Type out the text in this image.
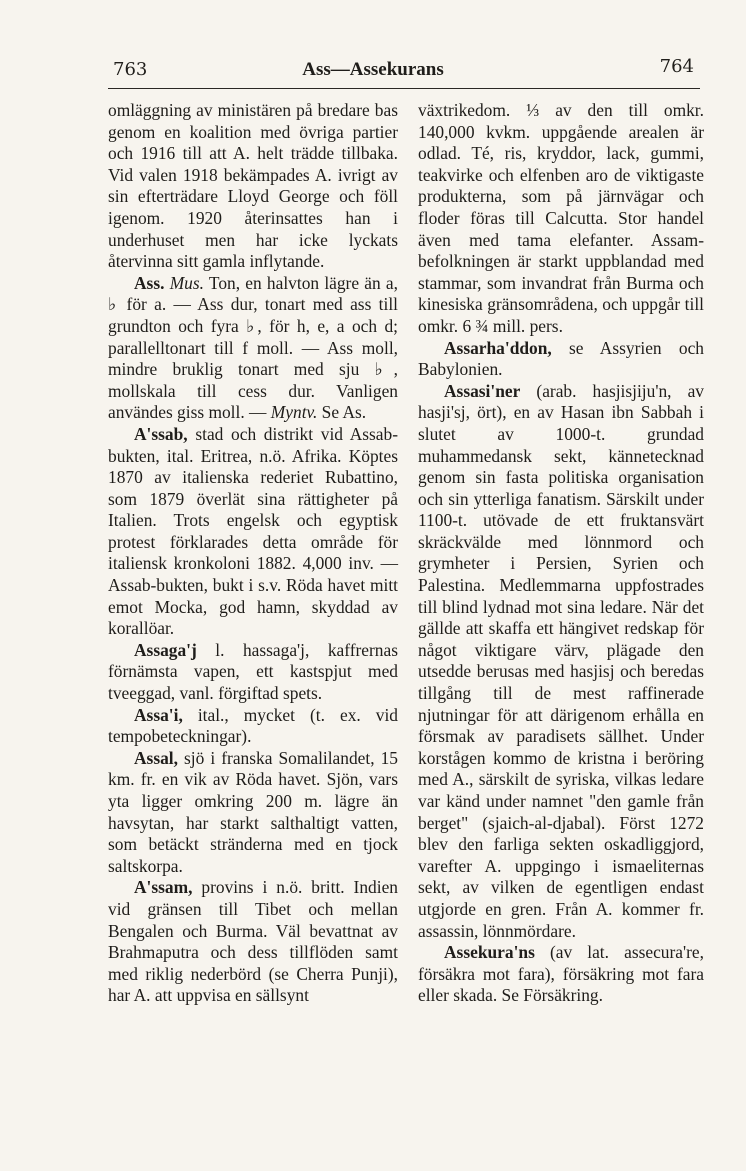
763	Ass—Assekurans	764

omläggning av ministären på bredare bas genom en koalition med övriga partier och 1916 till att A. helt trädde tillbaka. Vid valen 1918 bekämpades A. ivrigt av sin efterträdare Lloyd George och föll igenom. 1920 återinsattes han i underhuset men har icke lyckats återvinna sitt gamla inflytande.

Ass. Mus. Ton, en halvton lägre än a, ♭ för a. — Ass dur, tonart med ass till grundton och fyra ♭, för h, e, a och d; parallelltonart till f moll. — Ass moll, mindre bruklig tonart med sju ♭, mollskala till cess dur. Vanligen användes giss moll. — Myntv. Se As.

A'ssab, stad och distrikt vid Assab-bukten, ital. Eritrea, n.ö. Afrika. Köptes 1870 av italienska rederiet Rubattino, som 1879 överlät sina rättigheter på Italien. Trots engelsk och egyptisk protest förklarades detta område för italiensk kronkoloni 1882. 4,000 inv. — Assab-bukten, bukt i s.v. Röda havet mitt emot Mocka, god hamn, skyddad av korallöar.

Assaga'j l. hassaga'j, kaffrernas förnämsta vapen, ett kastspjut med tveeggad, vanl. förgiftad spets.

Assa'i, ital., mycket (t. ex. vid tempobeteckningar).

Assal, sjö i franska Somalilandet, 15 km. fr. en vik av Röda havet. Sjön, vars yta ligger omkring 200 m. lägre än havsytan, har starkt salthaltigt vatten, som betäckt stränderna med en tjock saltskorpa.

A'ssam, provins i n.ö. britt. Indien vid gränsen till Tibet och mellan Bengalen och Burma. Väl bevattnat av Brahmaputra och dess tillflöden samt med riklig nederbörd (se Cherra Punji), har A. att uppvisa en sällsynt

växtrikedom. ⅓ av den till omkr. 140,000 kvkm. uppgående arealen är odlad. Té, ris, kryddor, lack, gummi, teakvirke och elfenben aro de viktigaste produkterna, som på järnvägar och floder föras till Calcutta. Stor handel även med tama elefanter. Assam-befolkningen är starkt uppblandad med stammar, som invandrat från Burma och kinesiska gränsområdena, och uppgår till omkr. 6 ¾ mill. pers.

Assarha'ddon, se Assyrien och Babylonien.

Assasi'ner (arab. hasjisjiju'n, av hasji'sj, ört), en av Hasan ibn Sabbah i slutet av 1000-t. grundad muhammedansk sekt, kännetecknad genom sin fasta politiska organisation och sin ytterliga fanatism. Särskilt under 1100-t. utövade de ett fruktansvärt skräckvälde med lönnmord och grymheter i Persien, Syrien och Palestina. Medlemmarna uppfostrades till blind lydnad mot sina ledare. När det gällde att skaffa ett hängivet redskap för något viktigare värv, plägade den utsedde berusas med hasjisj och beredas tillgång till de mest raffinerade njutningar för att därigenom erhålla en försmak av paradisets sällhet. Under korstågen kommo de kristna i beröring med A., särskilt de syriska, vilkas ledare var känd under namnet "den gamle från berget" (sjaich-al-djabal). Först 1272 blev den farliga sekten oskadliggjord, varefter A. uppgingo i ismaeliternas sekt, av vilken de egentligen endast utgjorde en gren. Från A. kommer fr. assassin, lönnmördare.

Assekura'ns (av lat. assecura're, försäkra mot fara), försäkring mot fara eller skada. Se Försäkring.
